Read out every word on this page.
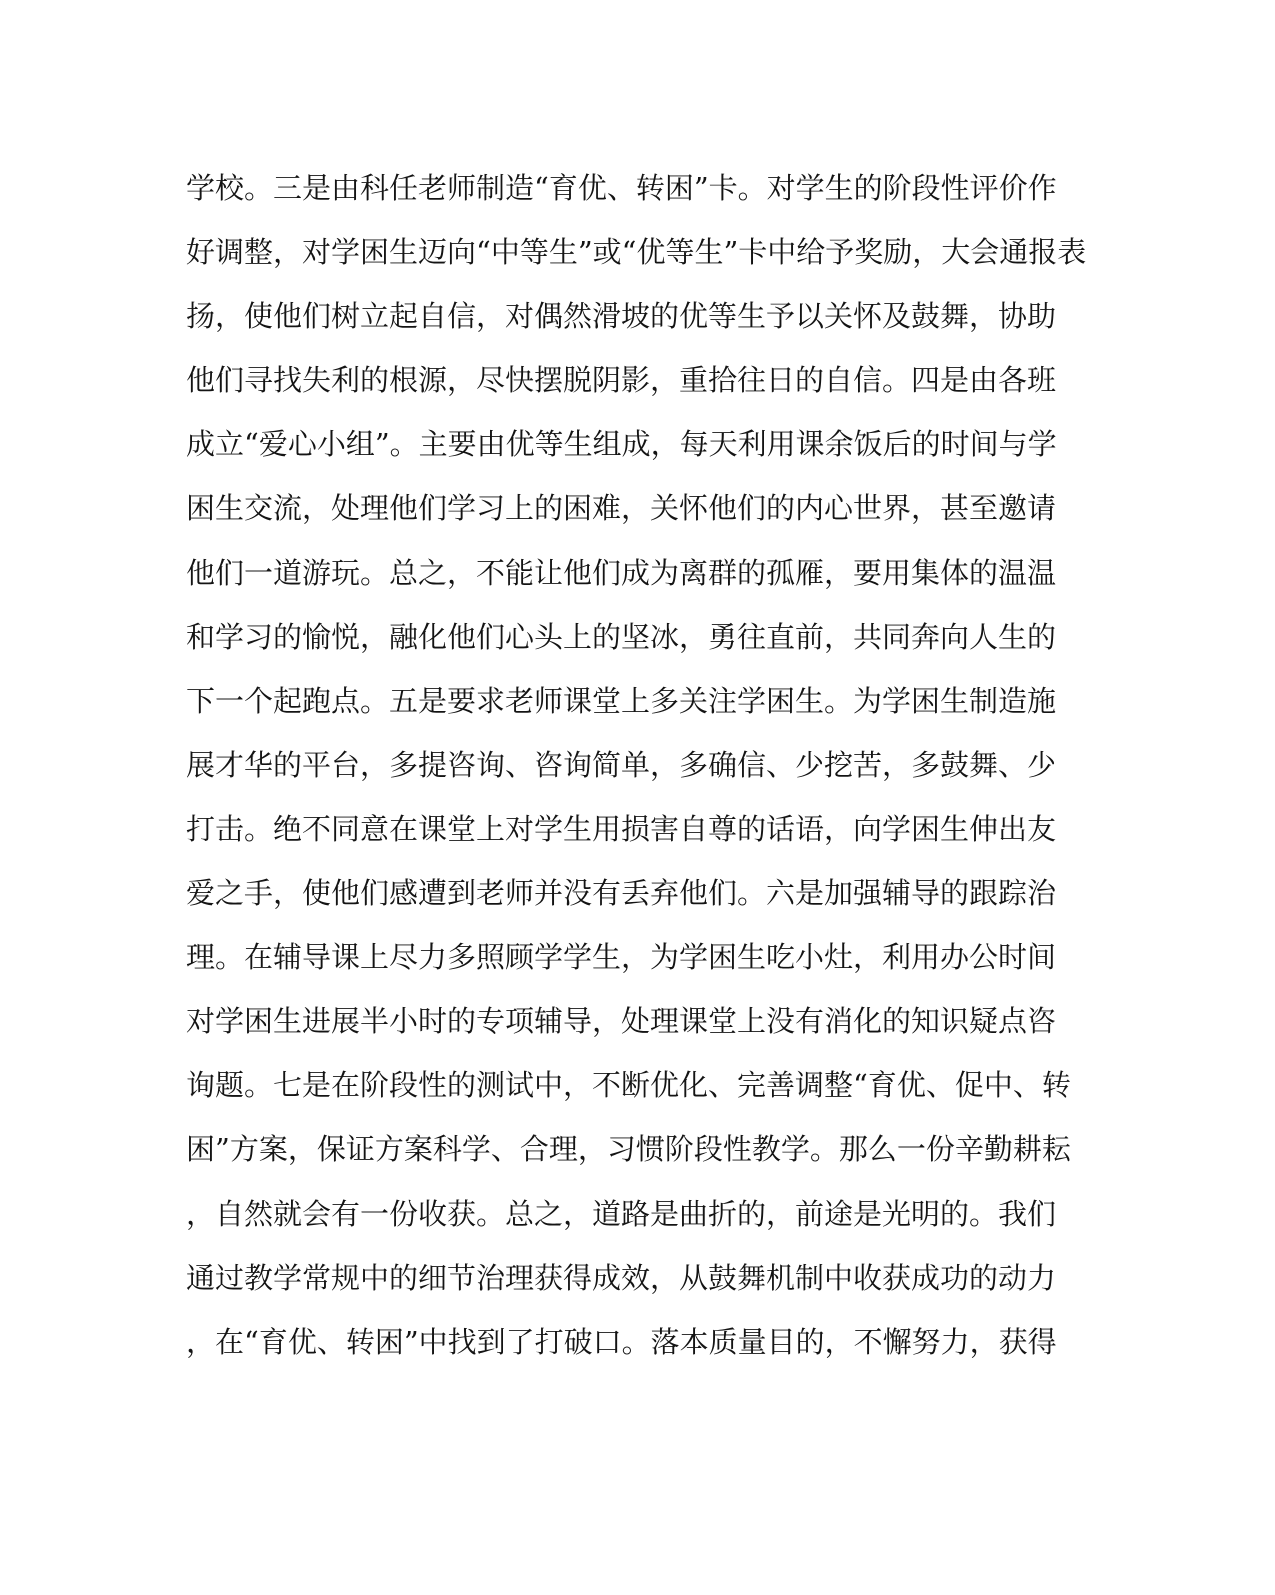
学校。三是由科任老师制造“育优、转困”卡。对学生的阶段性评价作
好调整，对学困生迈向“中等生”或“优等生”卡中给予奖励，大会通报表
扬，使他们树立起自信，对偶然滑坡的优等生予以关怀及鼓舞，协助
他们寻找失利的根源，尽快摆脱阴影，重拾往日的自信。四是由各班
成立“爱心小组”。主要由优等生组成，每天利用课余饭后的时间与学
困生交流，处理他们学习上的困难，关怀他们的内心世界，甚至邀请
他们一道游玩。总之，不能让他们成为离群的孤雁，要用集体的温温
和学习的愉悦，融化他们心头上的坚冰，勇往直前，共同奔向人生的
下一个起跑点。五是要求老师课堂上多关注学困生。为学困生制造施
展才华的平台，多提咨询、咨询简单，多确信、少挖苦，多鼓舞、少
打击。绝不同意在课堂上对学生用损害自尊的话语，向学困生伸出友
爱之手，使他们感遭到老师并没有丢弃他们。六是加强辅导的跟踪治
理。在辅导课上尽力多照顾学学生，为学困生吃小灶，利用办公时间
对学困生进展半小时的专项辅导，处理课堂上没有消化的知识疑点咨
询题。七是在阶段性的测试中，不断优化、完善调整“育优、促中、转
困”方案，保证方案科学、合理，习惯阶段性教学。那么一份辛勤耕耘
，自然就会有一份收获。总之，道路是曲折的，前途是光明的。我们
通过教学常规中的细节治理获得成效，从鼓舞机制中收获成功的动力
，在“育优、转困”中找到了打破口。落本质量目的，不懈努力，获得
